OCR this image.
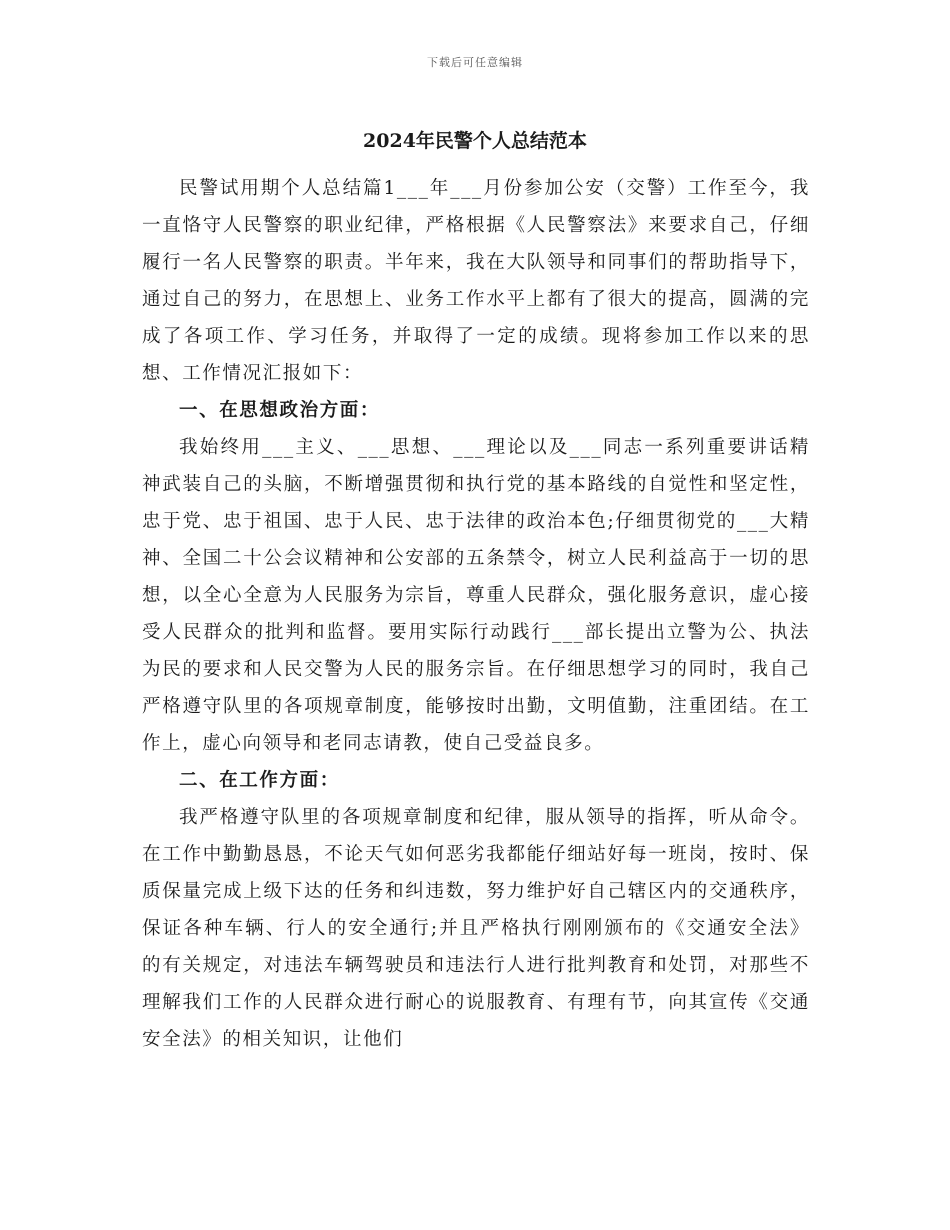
下载后可任意编辑
2024年民警个人总结范本

民警试用期个人总结篇1___年___月份参加公安（交警）工作至今，我一直恪守人民警察的职业纪律，严格根据《人民警察法》来要求自己，仔细履行一名人民警察的职责。半年来，我在大队领导和同事们的帮助指导下，通过自己的努力，在思想上、业务工作水平上都有了很大的提高，圆满的完成了各项工作、学习任务，并取得了一定的成绩。现将参加工作以来的思想、工作情况汇报如下：

一、在思想政治方面：

我始终用___主义、___思想、___理论以及___同志一系列重要讲话精神武装自己的头脑，不断增强贯彻和执行党的基本路线的自觉性和坚定性，忠于党、忠于祖国、忠于人民、忠于法律的政治本色;仔细贯彻党的___大精神、全国二十公会议精神和公安部的五条禁令，树立人民利益高于一切的思想，以全心全意为人民服务为宗旨，尊重人民群众，强化服务意识，虚心接受人民群众的批判和监督。要用实际行动践行___部长提出立警为公、执法为民的要求和人民交警为人民的服务宗旨。在仔细思想学习的同时，我自己严格遵守队里的各项规章制度，能够按时出勤，文明值勤，注重团结。在工作上，虚心向领导和老同志请教，使自己受益良多。

二、在工作方面：

我严格遵守队里的各项规章制度和纪律，服从领导的指挥，听从命令。在工作中勤勤恳恳，不论天气如何恶劣我都能仔细站好每一班岗，按时、保质保量完成上级下达的任务和纠违数，努力维护好自己辖区内的交通秩序，保证各种车辆、行人的安全通行;并且严格执行刚刚颁布的《交通安全法》的有关规定，对违法车辆驾驶员和违法行人进行批判教育和处罚，对那些不理解我们工作的人民群众进行耐心的说服教育、有理有节，向其宣传《交通安全法》的相关知识，让他们
